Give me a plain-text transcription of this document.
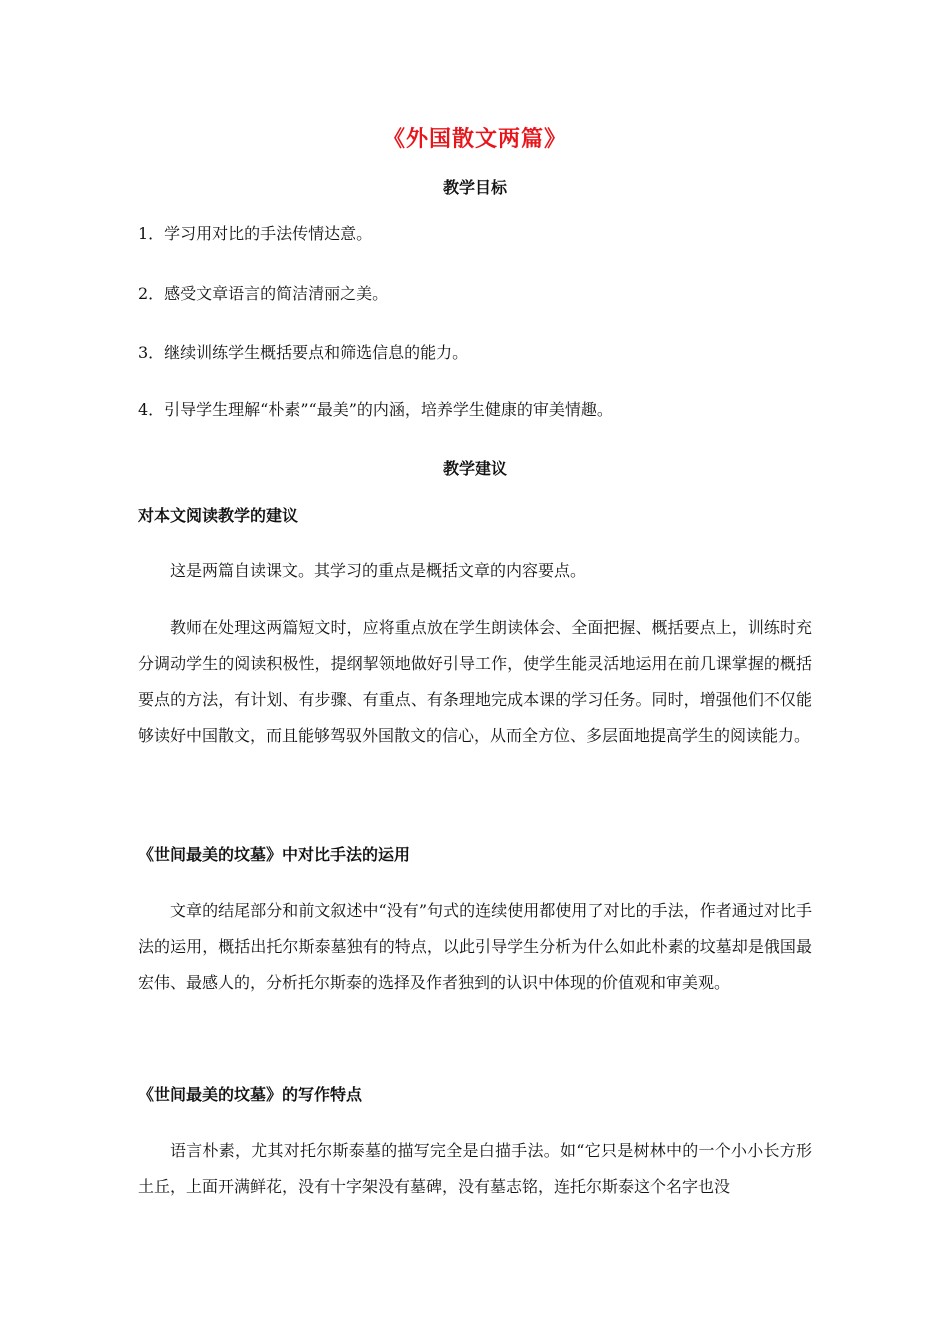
《外国散文两篇》
教学目标
1．学习用对比的手法传情达意。
2．感受文章语言的简洁清丽之美。
3．继续训练学生概括要点和筛选信息的能力。
4．引导学生理解“朴素”“最美”的内涵，培养学生健康的审美情趣。
教学建议
对本文阅读教学的建议
这是两篇自读课文。其学习的重点是概括文章的内容要点。
教师在处理这两篇短文时，应将重点放在学生朗读体会、全面把握、概括要点上，训练时充分调动学生的阅读积极性，提纲挈领地做好引导工作，使学生能灵活地运用在前几课掌握的概括要点的方法，有计划、有步骤、有重点、有条理地完成本课的学习任务。同时，增强他们不仅能够读好中国散文，而且能够驾驭外国散文的信心，从而全方位、多层面地提高学生的阅读能力。
《世间最美的坟墓》中对比手法的运用
文章的结尾部分和前文叙述中“没有”句式的连续使用都使用了对比的手法，作者通过对比手法的运用，概括出托尔斯泰墓独有的特点，以此引导学生分析为什么如此朴素的坟墓却是俄国最宏伟、最感人的，分析托尔斯泰的选择及作者独到的认识中体现的价值观和审美观。
《世间最美的坟墓》的写作特点
语言朴素，尤其对托尔斯泰墓的描写完全是白描手法。如“它只是树林中的一个小小长方形土丘，上面开满鲜花，没有十字架没有墓碑，没有墓志铭，连托尔斯泰这个名字也没
